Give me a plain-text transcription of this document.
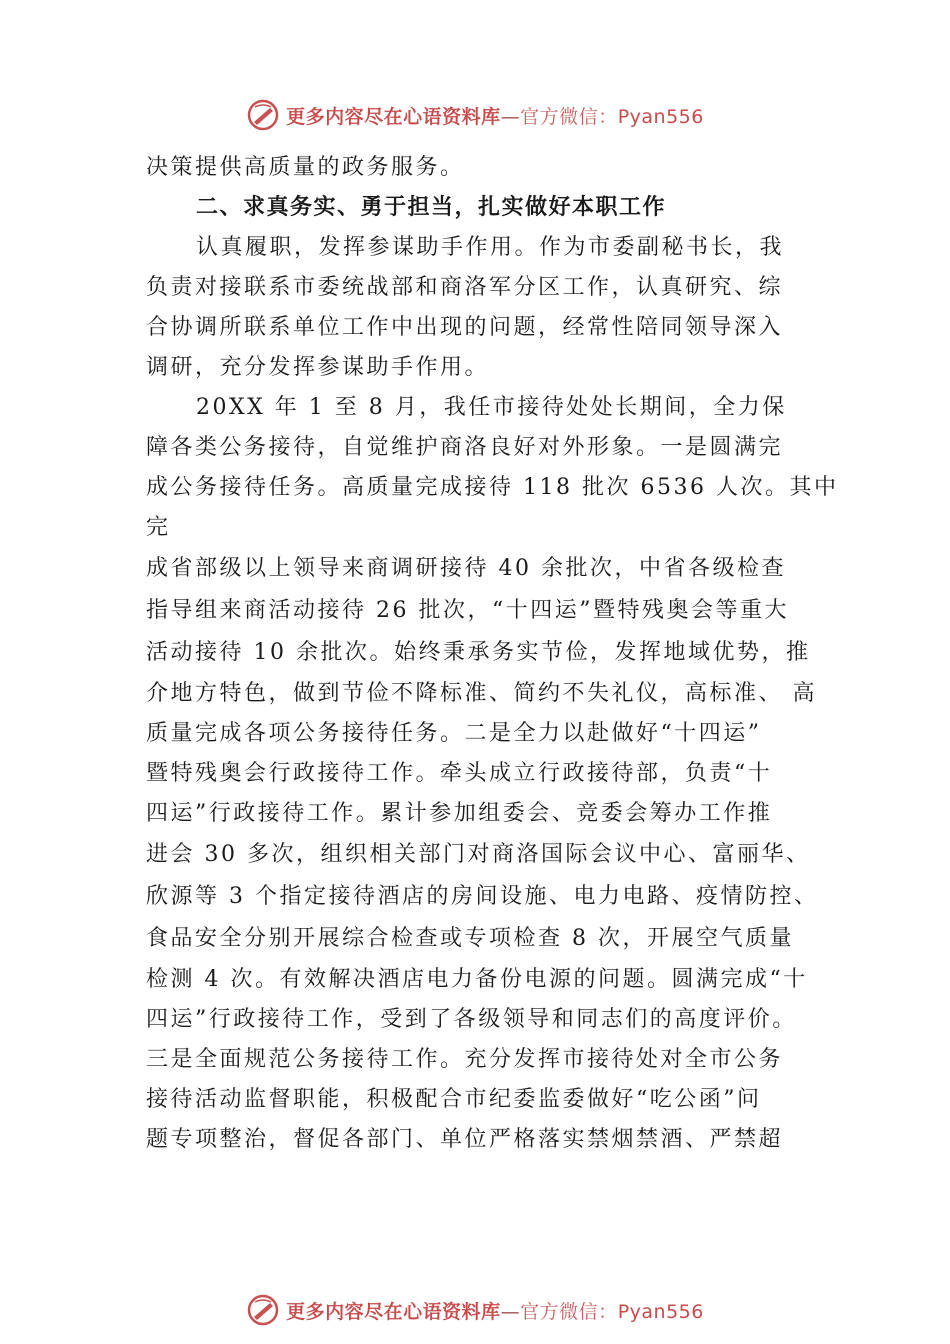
更多内容尽在心语资料库—官方微信：Pyan556
决策提供高质量的政务服务。
二、求真务实、勇于担当，扎实做好本职工作
认真履职，发挥参谋助手作用。作为市委副秘书长，我
负责对接联系市委统战部和商洛军分区工作，认真研究、综
合协调所联系单位工作中出现的问题，经常性陪同领导深入
调研，充分发挥参谋助手作用。
20XX 年 1 至 8 月，我任市接待处处长期间，全力保
障各类公务接待，自觉维护商洛良好对外形象。一是圆满完
成公务接待任务。高质量完成接待 118 批次 6536 人次。其中
完
成省部级以上领导来商调研接待 40 余批次，中省各级检查
指导组来商活动接待 26 批次，“十四运”暨特残奥会等重大
活动接待 10 余批次。始终秉承务实节俭，发挥地域优势，推
介地方特色，做到节俭不降标准、简约不失礼仪，高标准、 高
质量完成各项公务接待任务。二是全力以赴做好“十四运”
暨特残奥会行政接待工作。牵头成立行政接待部，负责“十
四运”行政接待工作。累计参加组委会、竞委会筹办工作推
进会 30 多次，组织相关部门对商洛国际会议中心、富丽华、
欣源等 3 个指定接待酒店的房间设施、电力电路、疫情防控、
食品安全分别开展综合检查或专项检查 8 次，开展空气质量
检测 4 次。有效解决酒店电力备份电源的问题。圆满完成“十
四运”行政接待工作，受到了各级领导和同志们的高度评价。
三是全面规范公务接待工作。充分发挥市接待处对全市公务
接待活动监督职能，积极配合市纪委监委做好“吃公函”问
题专项整治，督促各部门、单位严格落实禁烟禁酒、严禁超
更多内容尽在心语资料库—官方微信：Pyan556
